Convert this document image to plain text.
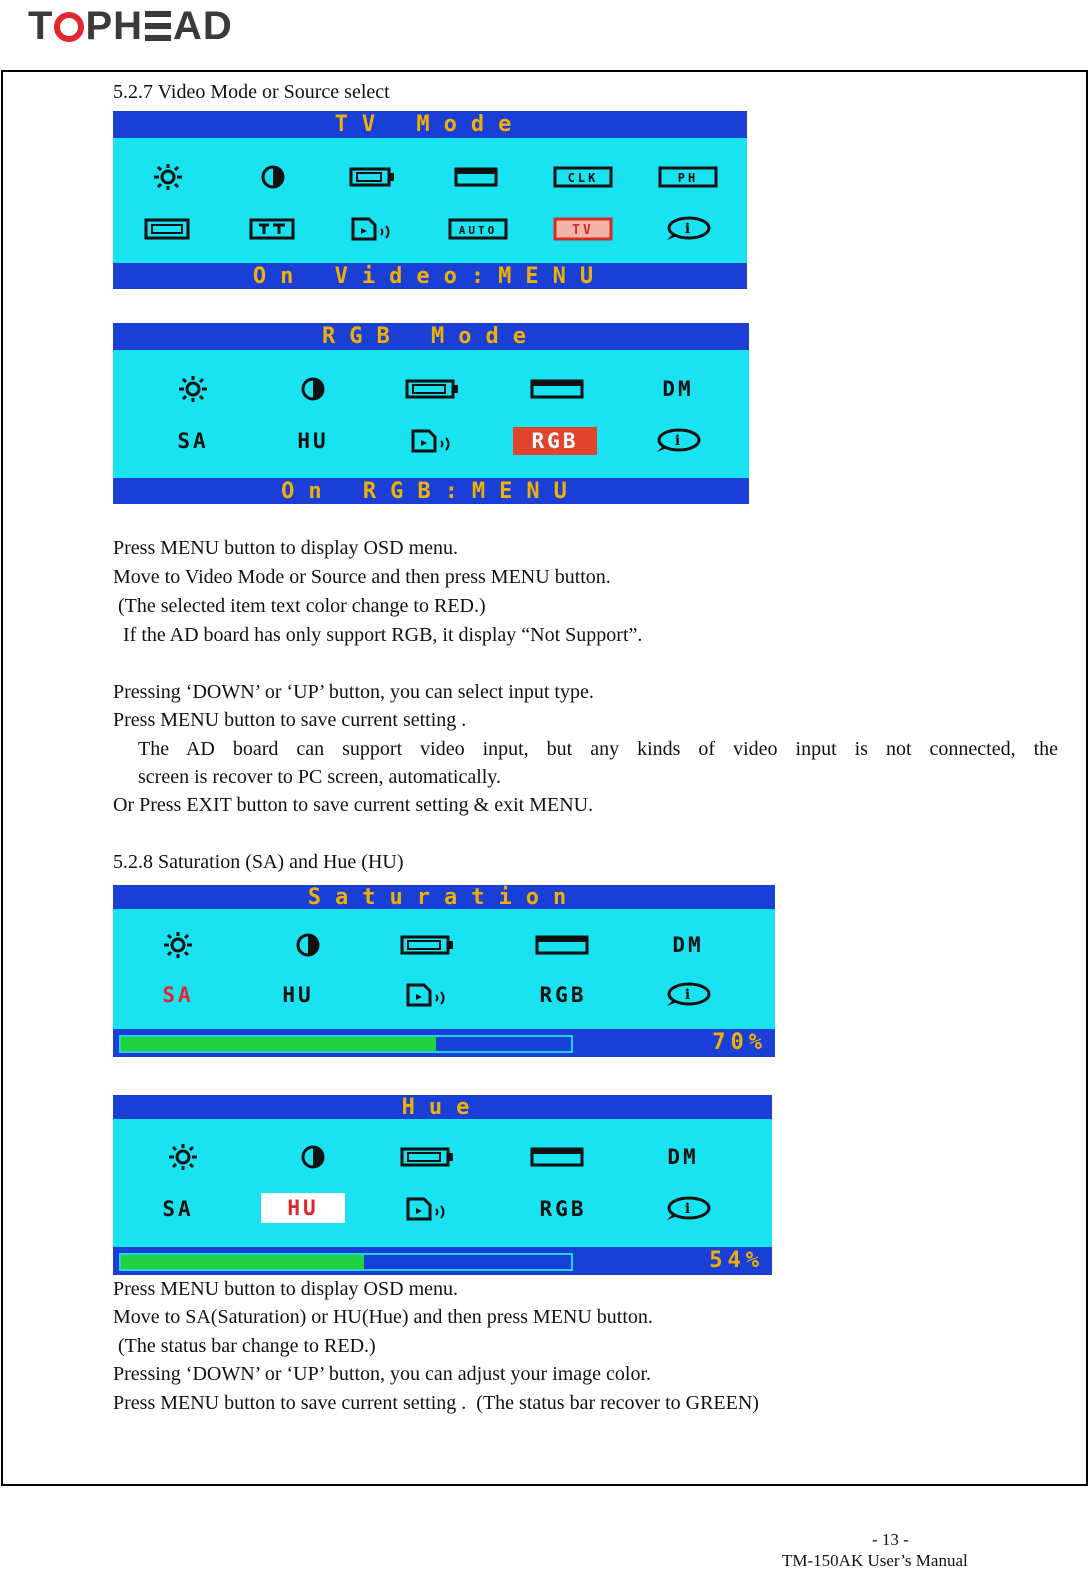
T PH AD
5.2.7 Video Mode or Source select
TV Mode
CLK	PH
AUTO	TV	i
On Video:MENU
RGB Mode
DM
SA	HU	RGB	i
On RGB:MENU
Press MENU button to display OSD menu.
Move to Video Mode or Source and then press MENU button.
(The selected item text color change to RED.)
If the AD board has only support RGB, it display “Not Support”.
Pressing ‘DOWN’ or ‘UP’ button, you can select input type.
Press MENU button to save current setting .
The AD board can support video input, but any kinds of video input is not connected, the
screen is recover to PC screen, automatically.
Or Press EXIT button to save current setting & exit MENU.
5.2.8 Saturation (SA) and Hue (HU)
Saturation
DM
SA	HU	RGB	i
70%
Hue
DM
SA	HU	RGB	i
54%
Press MENU button to display OSD menu.
Move to SA(Saturation) or HU(Hue) and then press MENU button.
(The status bar change to RED.)
Pressing ‘DOWN’ or ‘UP’ button, you can adjust your image color.
Press MENU button to save current setting .  (The status bar recover to GREEN)
- 13 -
TM-150AK User’s Manual
